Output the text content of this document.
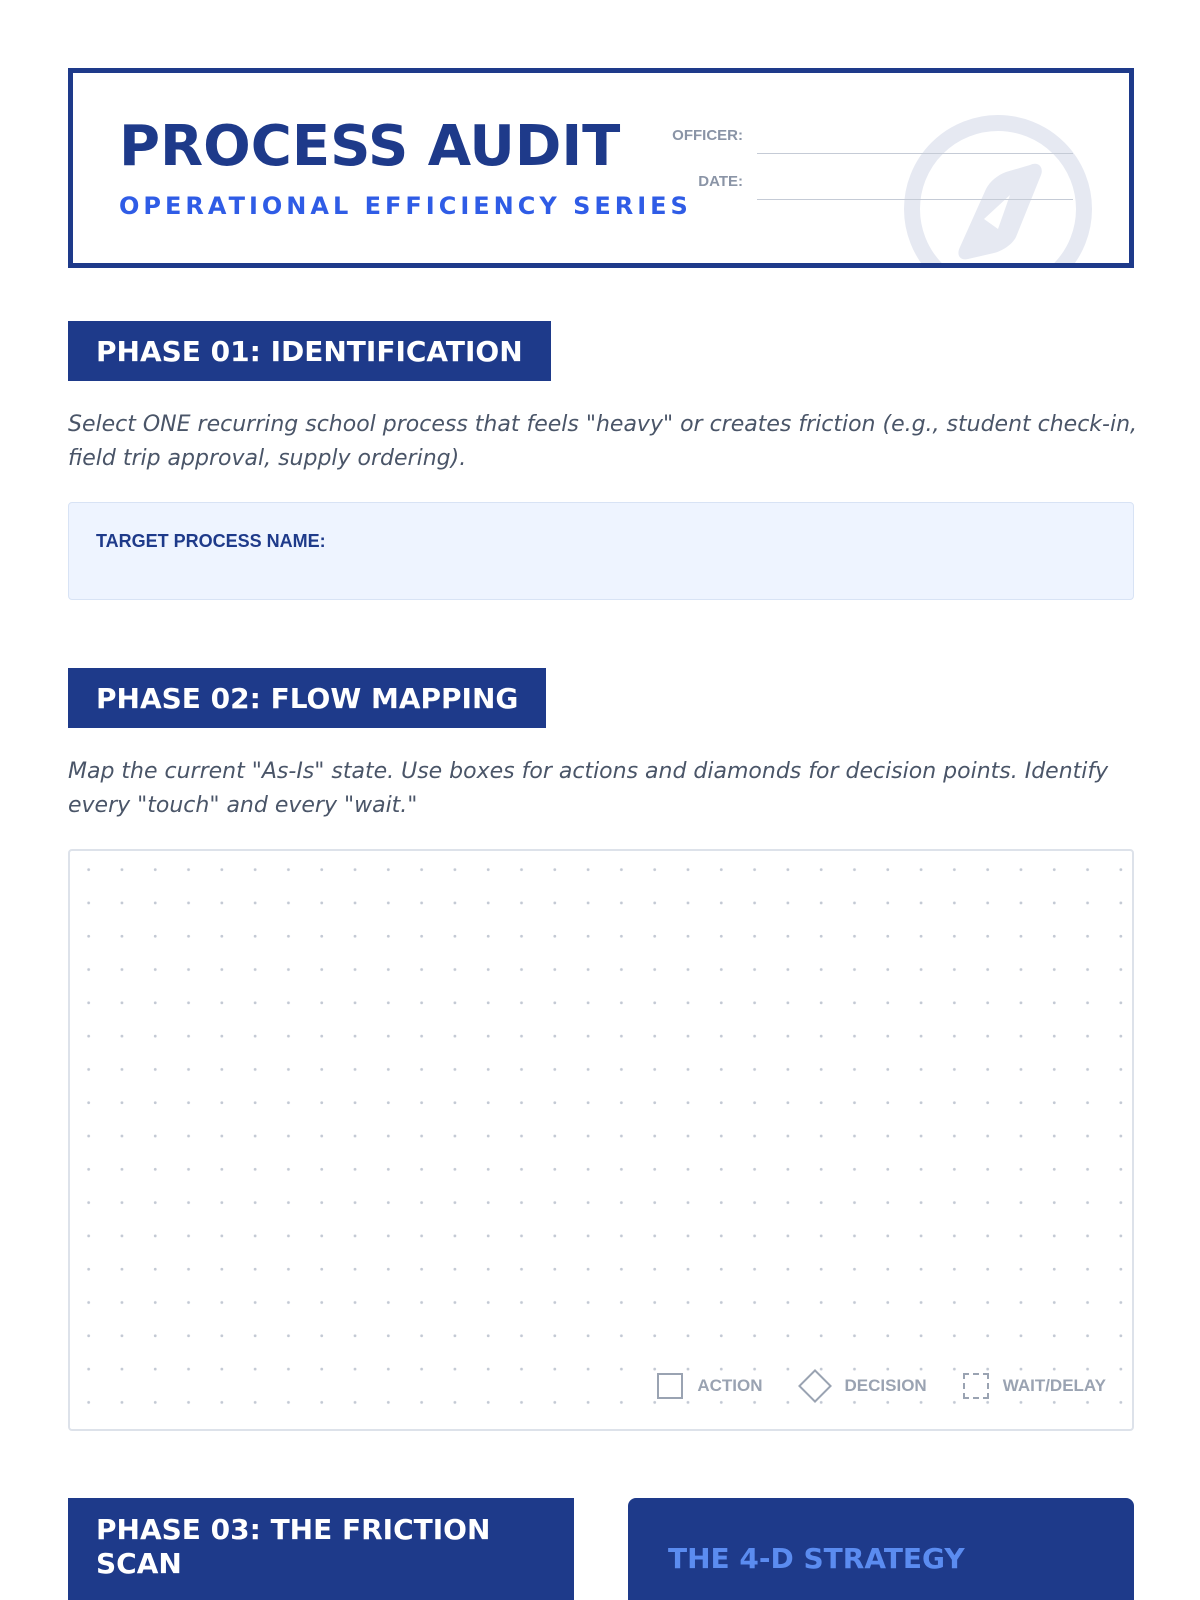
PROCESS AUDIT
OPERATIONAL EFFICIENCY SERIES
OFFICER:
DATE:
PHASE 01: IDENTIFICATION
Select ONE recurring school process that feels "heavy" or creates friction (e.g., student check-in, field trip approval, supply ordering).
TARGET PROCESS NAME:
PHASE 02: FLOW MAPPING
Map the current "As-Is" state. Use boxes for actions and diamonds for decision points. Identify every "touch" and every "wait."
ACTION	DECISION	WAIT/DELAY
PHASE 03: THE FRICTION
SCAN	THE 4-D STRATEGY
